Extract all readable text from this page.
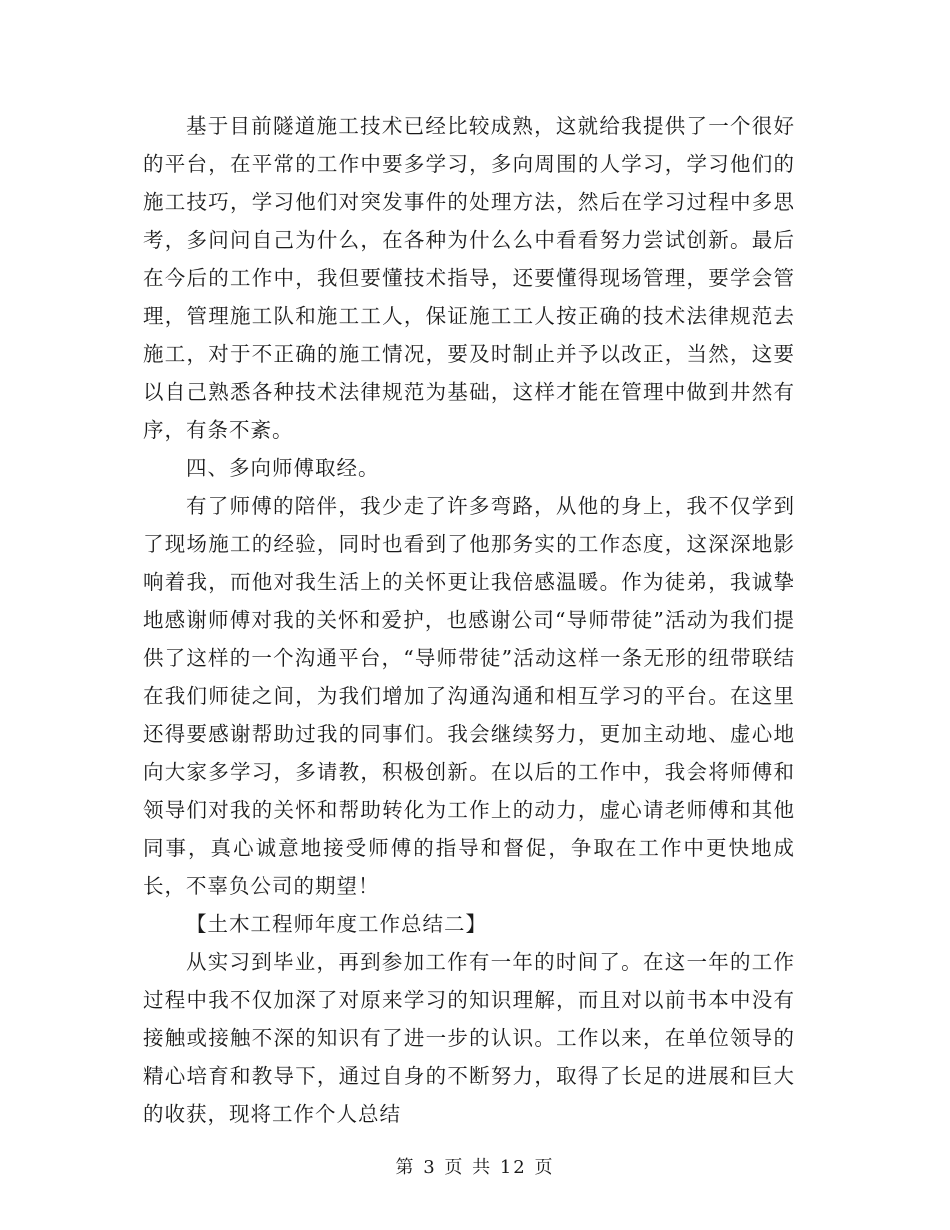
基于目前隧道施工技术已经比较成熟，这就给我提供了一个很好的平台，在平常的工作中要多学习，多向周围的人学习，学习他们的施工技巧，学习他们对突发事件的处理方法，然后在学习过程中多思考，多问问自己为什么，在各种为什么么中看看努力尝试创新。最后在今后的工作中，我但要懂技术指导，还要懂得现场管理，要学会管理，管理施工队和施工工人，保证施工工人按正确的技术法律规范去施工，对于不正确的施工情况，要及时制止并予以改正，当然，这要以自己熟悉各种技术法律规范为基础，这样才能在管理中做到井然有序，有条不紊。

四、多向师傅取经。

有了师傅的陪伴，我少走了许多弯路，从他的身上，我不仅学到了现场施工的经验，同时也看到了他那务实的工作态度，这深深地影响着我，而他对我生活上的关怀更让我倍感温暖。作为徒弟，我诚挚地感谢师傅对我的关怀和爱护，也感谢公司“导师带徒”活动为我们提供了这样的一个沟通平台，“导师带徒”活动这样一条无形的纽带联结在我们师徒之间，为我们增加了沟通沟通和相互学习的平台。在这里还得要感谢帮助过我的同事们。我会继续努力，更加主动地、虚心地向大家多学习，多请教，积极创新。在以后的工作中，我会将师傅和领导们对我的关怀和帮助转化为工作上的动力，虚心请老师傅和其他同事，真心诚意地接受师傅的指导和督促，争取在工作中更快地成长，不辜负公司的期望！

【土木工程师年度工作总结二】

从实习到毕业，再到参加工作有一年的时间了。在这一年的工作过程中我不仅加深了对原来学习的知识理解，而且对以前书本中没有接触或接触不深的知识有了进一步的认识。工作以来，在单位领导的精心培育和教导下，通过自身的不断努力，取得了长足的进展和巨大的收获，现将工作个人总结

第 3 页 共 12 页
